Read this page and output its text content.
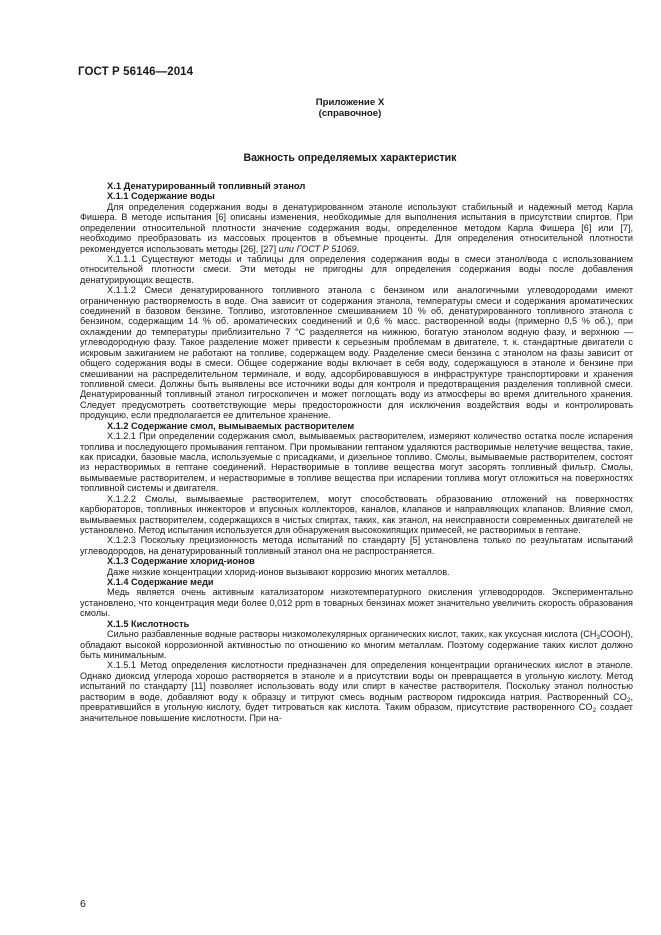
ГОСТ Р 56146—2014
Приложение Х
(справочное)
Важность определяемых характеристик

Х.1 Денатурированный топливный этанол

Х.1.1 Содержание воды

Для определения содержания воды в денатурированном этаноле используют стабильный и надежный метод Карла Фишера. В методе испытания [6] описаны изменения, необходимые для выполнения испытания в присутствии спиртов. При определении относительной плотности значение содержания воды, определенное методом Карла Фишера [6] или [7], необходимо преобразовать из массовых процентов в объемные проценты. Для определения относительной плотности рекомендуется использовать методы [26], [27] или ГОСТ Р 51069.

Х.1.1.1 Существуют методы и таблицы для определения содержания воды в смеси этанол/вода с использованием относительной плотности смеси. Эти методы не пригодны для определения содержания воды после добавления денатурирующих веществ.

Х.1.1.2 Смеси денатурированного топливного этанола с бензином или аналогичными углеводородами имеют ограниченную растворяемость в воде. Она зависит от содержания этанола, температуры смеси и содержания ароматических соединений в базовом бензине. Топливо, изготовленное смешиванием 10 % об. денатурированного топливного этанола с бензином, содержащим 14 % об. ароматических соединений и 0,6 % масс. растворенной воды (примерно 0,5 % об.), при охлаждении до температуры приблизительно 7 °C разделяется на нижнюю, богатую этанолом водную фазу, и верхнюю — углеводородную фазу. Такое разделение может привести к серьезным проблемам в двигателе, т. к. стандартные двигатели с искровым зажиганием не работают на топливе, содержащем воду. Разделение смеси бензина с этанолом на фазы зависит от общего содержания воды в смеси. Общее содержание воды включает в себя воду, содержащуюся в этаноле и бензине при смешивании на распределительном терминале, и воду, адсорбировавшуюся в инфраструктуре транспортировки и хранения топливной смеси. Должны быть выявлены все источники воды для контроля и предотвращения разделения топливной смеси. Денатурированный топливный этанол гигроскопичен и может поглощать воду из атмосферы во время длительного хранения. Следует предусмотреть соответствующие меры предосторожности для исключения воздействия воды и контролировать продукцию, если предполагается ее длительное хранение.

Х.1.2 Содержание смол, вымываемых растворителем

Х.1.2.1 При определении содержания смол, вымываемых растворителем, измеряют количество остатка после испарения топлива и последующего промывания гептаном. При промывании гептаном удаляются растворимые нелетучие вещества, такие, как присадки, базовые масла, используемые с присадками, и дизельное топливо. Смолы, вымываемые растворителем, состоят из нерастворимых в гептане соединений. Нерастворимые в топливе вещества могут засорять топливный фильтр. Смолы, вымываемые растворителем, и нерастворимые в топливе вещества при испарении топлива могут отложиться на поверхностях топливной системы и двигателя.

Х.1.2.2 Смолы, вымываемые растворителем, могут способствовать образованию отложений на поверхностях карбюраторов, топливных инжекторов и впускных коллекторов, каналов, клапанов и направляющих клапанов. Влияние смол, вымываемых растворителем, содержащихся в чистых спиртах, таких, как этанол, на неисправности современных двигателей не установлено. Метод испытания используется для обнаружения высококипящих примесей, не растворимых в гептане.

Х.1.2.3 Поскольку прецизионность метода испытаний по стандарту [5] установлена только по результатам испытаний углеводородов, на денатурированный топливный этанол она не распространяется.

Х.1.3 Содержание хлорид-ионов

Даже низкие концентрации хлорид-ионов вызывают коррозию многих металлов.

Х.1.4 Содержание меди

Медь является очень активным катализатором низкотемпературного окисления углеводородов. Экспериментально установлено, что концентрация меди более 0,012 ppm в товарных бензинах может значительно увеличить скорость образования смолы.

Х.1.5 Кислотность

Сильно разбавленные водные растворы низкомолекулярных органических кислот, таких, как уксусная кислота $(CH_3COOH)$, обладают высокой коррозионной активностью по отношению ко многим металлам. Поэтому содержание таких кислот должно быть минимальным.

Х.1.5.1 Метод определения кислотности предназначен для определения концентрации органических кислот в этаноле. Однако диоксид углерода хорошо растворяется в этаноле и в присутствии воды он превращается в угольную кислоту. Метод испытаний по стандарту [11] позволяет использовать воду или спирт в качестве растворителя. Поскольку этанол полностью растворим в воде, добавляют воду к образцу и титруют смесь водным раствором гидроксида натрия. Растворенный $CO_2$, превратившийся в угольную кислоту, будет титроваться как кислота. Таким образом, присутствие растворенного $CO_2$ создает значительное повышение кислотности. При на-

6
